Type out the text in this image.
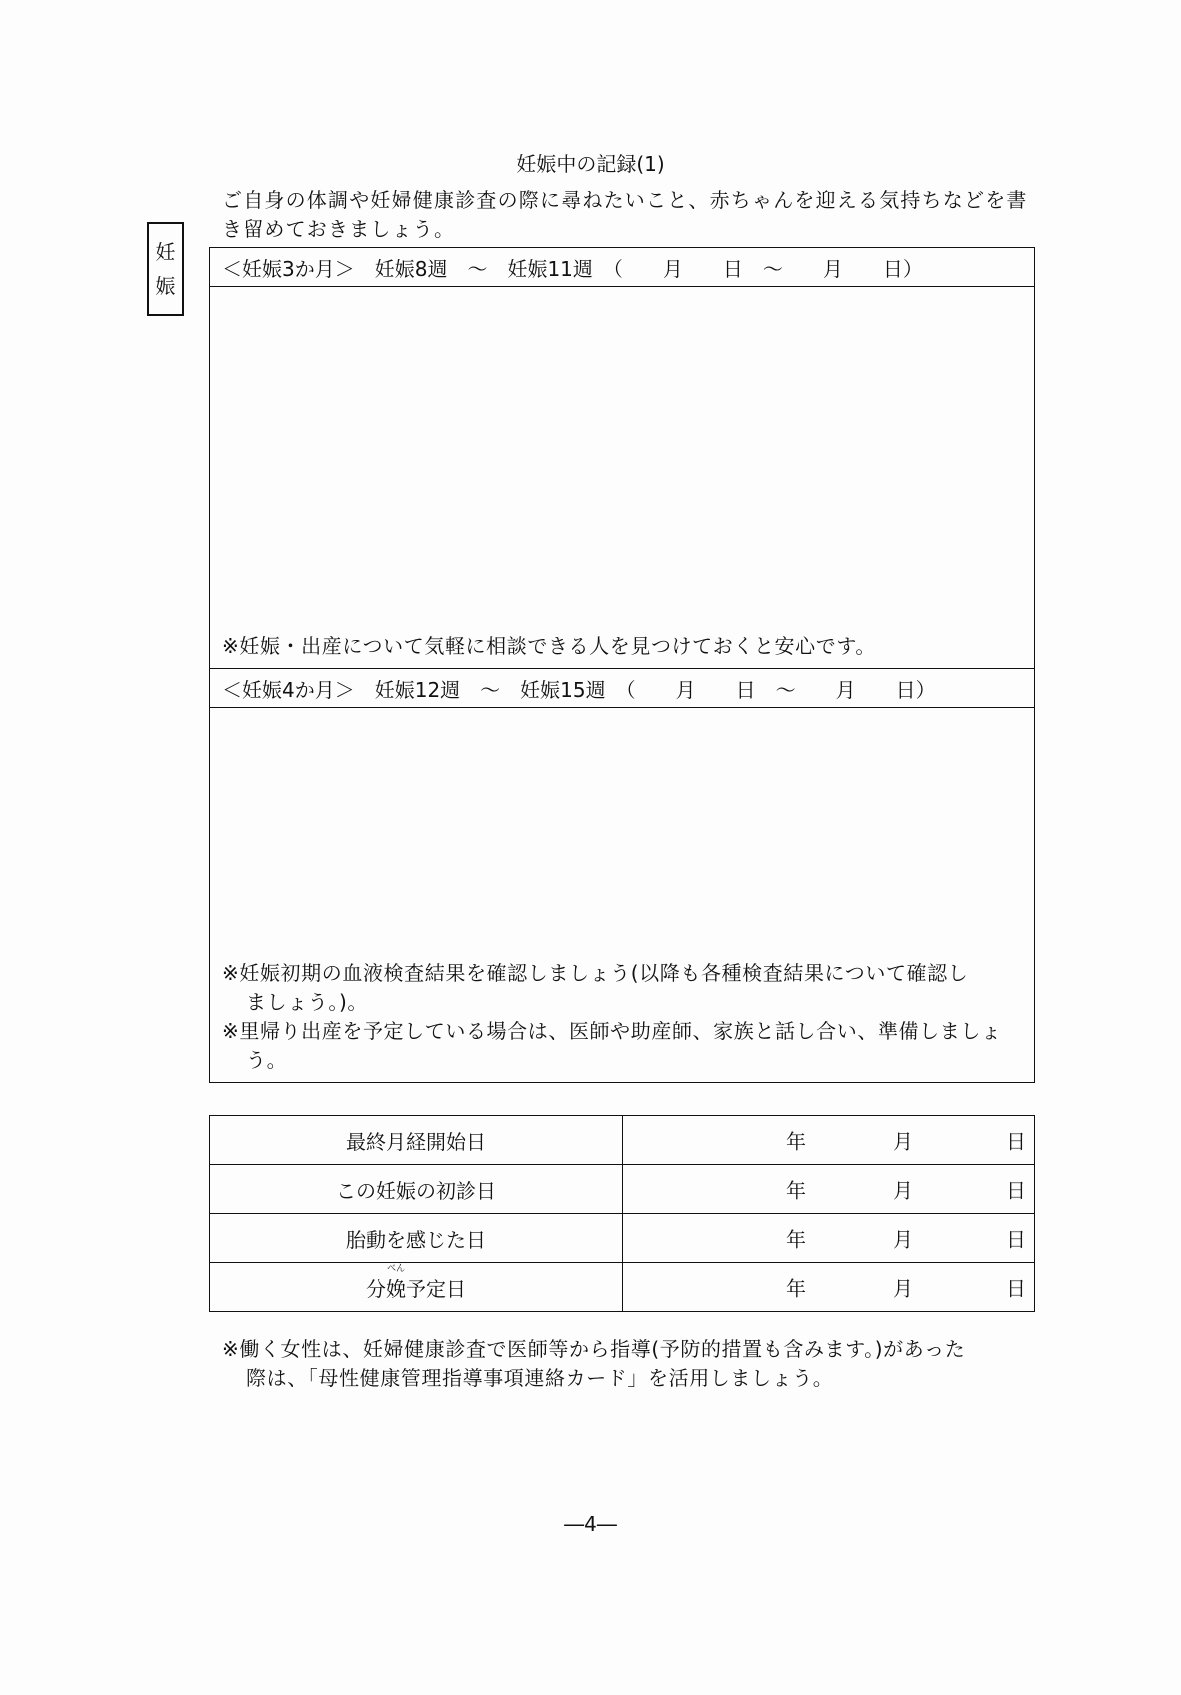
妊娠中の記録(1)
ご自身の体調や妊婦健康診査の際に尋ねたいこと、赤ちゃんを迎える気持ちなどを書き留めておきましょう。
妊
娠
＜妊娠3か月＞　妊娠8週　～　妊娠11週　（　　月　　日　～　　月　　日）
※妊娠・出産について気軽に相談できる人を見つけておくと安心です。
＜妊娠4か月＞　妊娠12週　～　妊娠15週　（　　月　　日　～　　月　　日）
※妊娠初期の血液検査結果を確認しましょう(以降も各種検査結果について確認し
ましょう。)。
※里帰り出産を予定している場合は、医師や助産師、家族と話し合い、準備しましょ
う。
最終月経開始日	年 月 日

この妊娠の初診日	年 月 日

胎動を感じた日	年 月 日

分
べん
娩予定日	年 月 日
※働く女性は、妊婦健康診査で医師等から指導(予防的措置も含みます。)があった
際は、「母性健康管理指導事項連絡カード」を活用しましょう。
―4―
